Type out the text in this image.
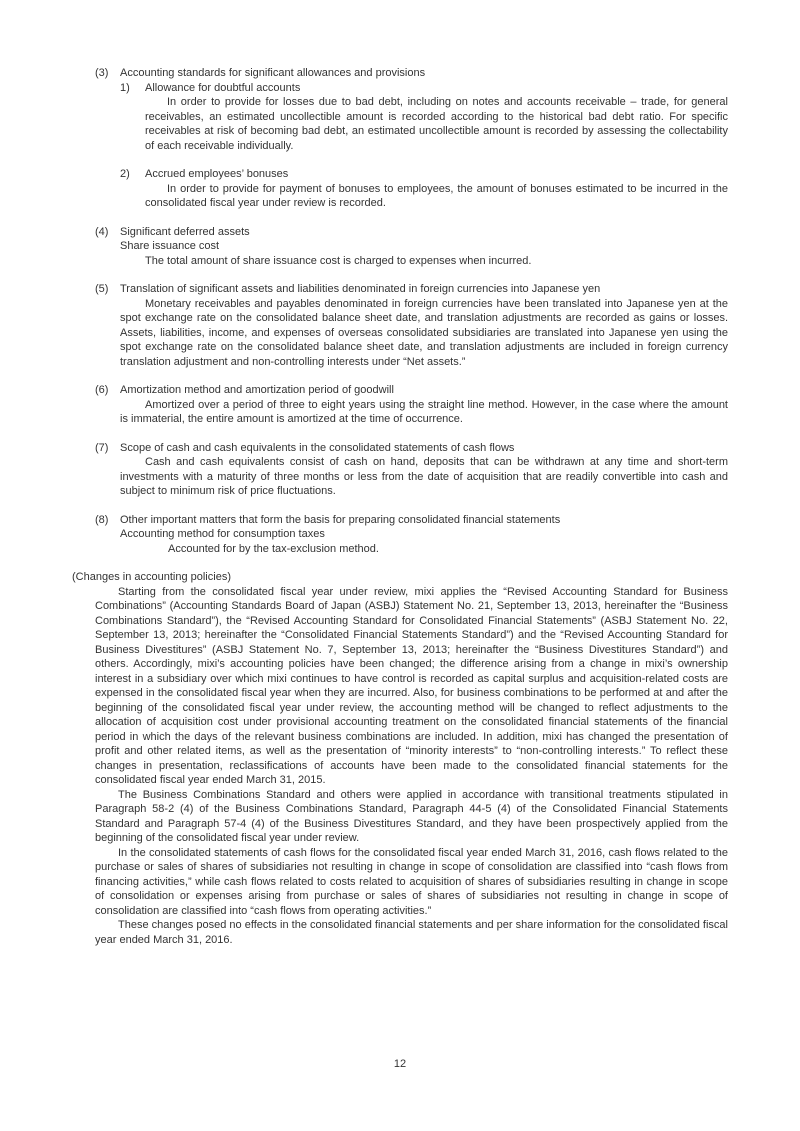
(3)	Accounting standards for significant allowances and provisions
1)	Allowance for doubtful accounts
In order to provide for losses due to bad debt, including on notes and accounts receivable – trade, for general receivables, an estimated uncollectible amount is recorded according to the historical bad debt ratio. For specific receivables at risk of becoming bad debt, an estimated uncollectible amount is recorded by assessing the collectability of each receivable individually.
2)	Accrued employees’ bonuses
In order to provide for payment of bonuses to employees, the amount of bonuses estimated to be incurred in the consolidated fiscal year under review is recorded.
(4)	Significant deferred assets
Share issuance cost
The total amount of share issuance cost is charged to expenses when incurred.
(5)	Translation of significant assets and liabilities denominated in foreign currencies into Japanese yen
Monetary receivables and payables denominated in foreign currencies have been translated into Japanese yen at the spot exchange rate on the consolidated balance sheet date, and translation adjustments are recorded as gains or losses. Assets, liabilities, income, and expenses of overseas consolidated subsidiaries are translated into Japanese yen using the spot exchange rate on the consolidated balance sheet date, and translation adjustments are included in foreign currency translation adjustment and non-controlling interests under “Net assets.”
(6)	Amortization method and amortization period of goodwill
Amortized over a period of three to eight years using the straight line method. However, in the case where the amount is immaterial, the entire amount is amortized at the time of occurrence.
(7)	Scope of cash and cash equivalents in the consolidated statements of cash flows
Cash and cash equivalents consist of cash on hand, deposits that can be withdrawn at any time and short-term investments with a maturity of three months or less from the date of acquisition that are readily convertible into cash and subject to minimum risk of price fluctuations.
(8)	Other important matters that form the basis for preparing consolidated financial statements
Accounting method for consumption taxes
Accounted for by the tax-exclusion method.
(Changes in accounting policies)
Starting from the consolidated fiscal year under review, mixi applies the “Revised Accounting Standard for Business Combinations” (Accounting Standards Board of Japan (ASBJ) Statement No. 21, September 13, 2013, hereinafter the “Business Combinations Standard”), the “Revised Accounting Standard for Consolidated Financial Statements” (ASBJ Statement No. 22, September 13, 2013; hereinafter the “Consolidated Financial Statements Standard”) and the “Revised Accounting Standard for Business Divestitures” (ASBJ Statement No. 7, September 13, 2013; hereinafter the “Business Divestitures Standard”) and others. Accordingly, mixi’s accounting policies have been changed; the difference arising from a change in mixi’s ownership interest in a subsidiary over which mixi continues to have control is recorded as capital surplus and acquisition-related costs are expensed in the consolidated fiscal year when they are incurred. Also, for business combinations to be performed at and after the beginning of the consolidated fiscal year under review, the accounting method will be changed to reflect adjustments to the allocation of acquisition cost under provisional accounting treatment on the consolidated financial statements of the financial period in which the days of the relevant business combinations are included. In addition, mixi has changed the presentation of profit and other related items, as well as the presentation of “minority interests” to “non-controlling interests.” To reflect these changes in presentation, reclassifications of accounts have been made to the consolidated financial statements for the consolidated fiscal year ended March 31, 2015.
The Business Combinations Standard and others were applied in accordance with transitional treatments stipulated in Paragraph 58-2 (4) of the Business Combinations Standard, Paragraph 44-5 (4) of the Consolidated Financial Statements Standard and Paragraph 57-4 (4) of the Business Divestitures Standard, and they have been prospectively applied from the beginning of the consolidated fiscal year under review.
In the consolidated statements of cash flows for the consolidated fiscal year ended March 31, 2016, cash flows related to the purchase or sales of shares of subsidiaries not resulting in change in scope of consolidation are classified into “cash flows from financing activities,” while cash flows related to costs related to acquisition of shares of subsidiaries resulting in change in scope of consolidation or expenses arising from purchase or sales of shares of subsidiaries not resulting in change in scope of consolidation are classified into “cash flows from operating activities.”
These changes posed no effects in the consolidated financial statements and per share information for the consolidated fiscal year ended March 31, 2016.
12
